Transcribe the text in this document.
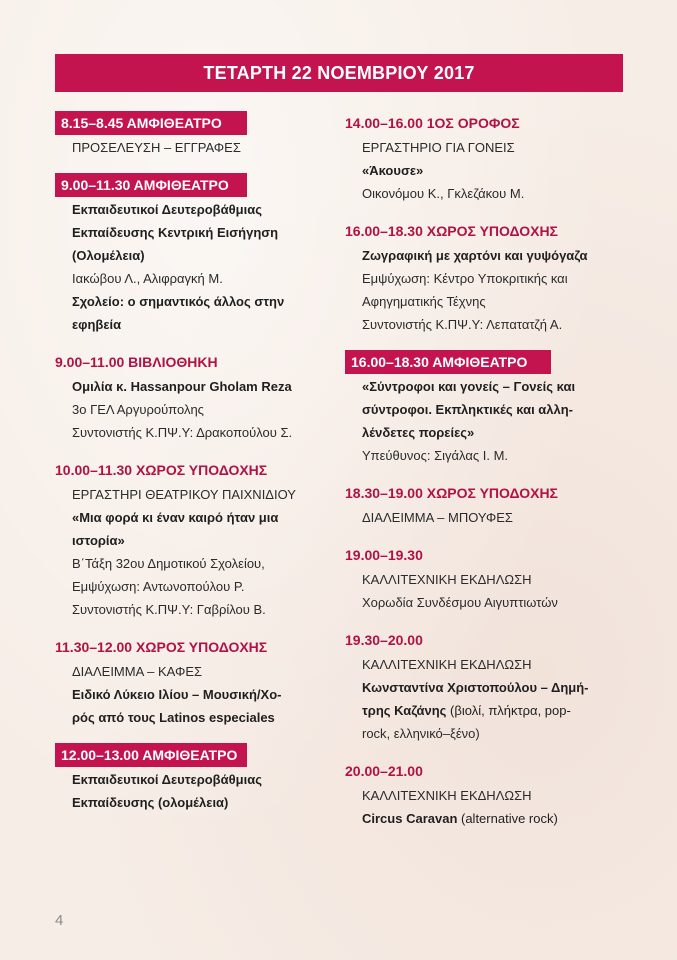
ΤΕΤΑΡΤΗ 22 ΝΟΕΜΒΡΙΟΥ 2017
8.15–8.45 ΑΜΦΙΘΕΑΤΡΟ
ΠΡΟΣΕΛΕΥΣΗ – ΕΓΓΡΑΦΕΣ
9.00–11.30 ΑΜΦΙΘΕΑΤΡΟ
Εκπαιδευτικοί Δευτεροβάθμιας
Εκπαίδευσης Κεντρική Εισήγηση
(Ολομέλεια)
Ιακώβου Λ., Αλιφραγκή Μ.
Σχολείο: ο σημαντικός άλλος στην
εφηβεία
9.00–11.00 ΒΙΒΛΙΟΘΗΚΗ
Ομιλία κ. Hassanpour Gholam Reza
3ο ΓΕΛ Αργυρούπολης
Συντονιστής Κ.ΠΨ.Υ: Δρακοπούλου Σ.
10.00–11.30 ΧΩΡΟΣ ΥΠΟΔΟΧΗΣ
ΕΡΓΑΣΤΗΡΙ ΘΕΑΤΡΙΚΟΥ ΠΑΙΧΝΙΔΙΟΥ
«Μια φορά κι έναν καιρό ήταν μια
ιστορία»
Β΄Τάξη 32ου Δημοτικού Σχολείου,
Εμψύχωση: Αντωνοπούλου Ρ.
Συντονιστής Κ.ΠΨ.Υ: Γαβρίλου Β.
11.30–12.00 ΧΩΡΟΣ ΥΠΟΔΟΧΗΣ
ΔΙΑΛΕΙΜΜΑ – ΚΑΦΕΣ
Ειδικό Λύκειο Ιλίου – Μουσική/Χο-
ρός από τους Latinos especiales
12.00–13.00 ΑΜΦΙΘΕΑΤΡΟ
Εκπαιδευτικοί Δευτεροβάθμιας
Εκπαίδευσης (ολομέλεια)
14.00–16.00 1ΟΣ ΟΡΟΦΟΣ
ΕΡΓΑΣΤΗΡΙΟ ΓΙΑ ΓΟΝΕΙΣ
«Άκουσε»
Οικονόμου Κ., Γκλεζάκου Μ.
16.00–18.30 ΧΩΡΟΣ ΥΠΟΔΟΧΗΣ
Ζωγραφική με χαρτόνι και γυψόγαζα
Εμψύχωση: Κέντρο Υποκριτικής και
Αφηγηματικής Τέχνης
Συντονιστής Κ.ΠΨ.Υ: Λεπατατζή Α.
16.00–18.30 ΑΜΦΙΘΕΑΤΡΟ
«Σύντροφοι και γονείς – Γονείς και
σύντροφοι. Εκπληκτικές και αλλη-
λένδετες πορείες»
Υπεύθυνος: Σιγάλας Ι. Μ.
18.30–19.00 ΧΩΡΟΣ ΥΠΟΔΟΧΗΣ
ΔΙΑΛΕΙΜΜΑ – ΜΠΟΥΦΕΣ
19.00–19.30
ΚΑΛΛΙΤΕΧΝΙΚΗ ΕΚΔΗΛΩΣΗ
Χορωδία Συνδέσμου Αιγυπτιωτών
19.30–20.00
ΚΑΛΛΙΤΕΧΝΙΚΗ ΕΚΔΗΛΩΣΗ
Κωνσταντίνα Χριστοπούλου – Δημή-
τρης Καζάνης (βιολί, πλήκτρα, pop-
rock, ελληνικό–ξένο)
20.00–21.00
ΚΑΛΛΙΤΕΧΝΙΚΗ ΕΚΔΗΛΩΣΗ
Circus Caravan (alternative rock)
4
